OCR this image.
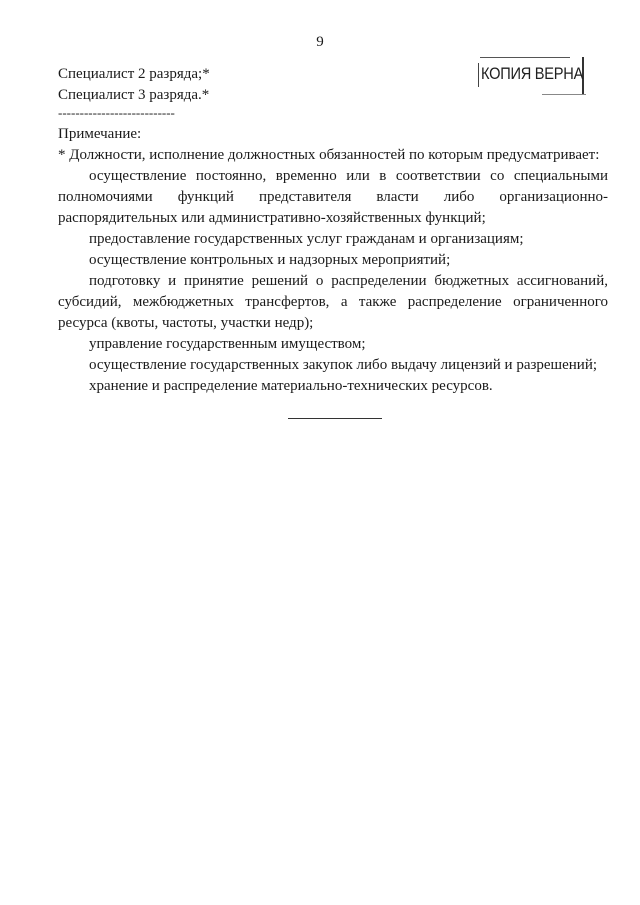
9
КОПИЯ ВЕРНА
Специалист 2 разряда;*
Специалист 3 разряда.*
---------------------------
Примечание:
* Должности, исполнение должностных обязанностей по которым предусматривает:
осуществление постоянно, временно или в соответствии со специальными
полномочиями функций представителя власти либо организационно-
распорядительных или административно-хозяйственных функций;
предоставление государственных услуг гражданам и организациям;
осуществление контрольных и надзорных мероприятий;
подготовку и принятие решений о распределении бюджетных ассигнований,
субсидий, межбюджетных трансфертов, а также распределение ограниченного
ресурса (квоты, частоты, участки недр);
управление государственным имуществом;
осуществление государственных закупок либо выдачу лицензий и разрешений;
хранение и распределение материально-технических ресурсов.
